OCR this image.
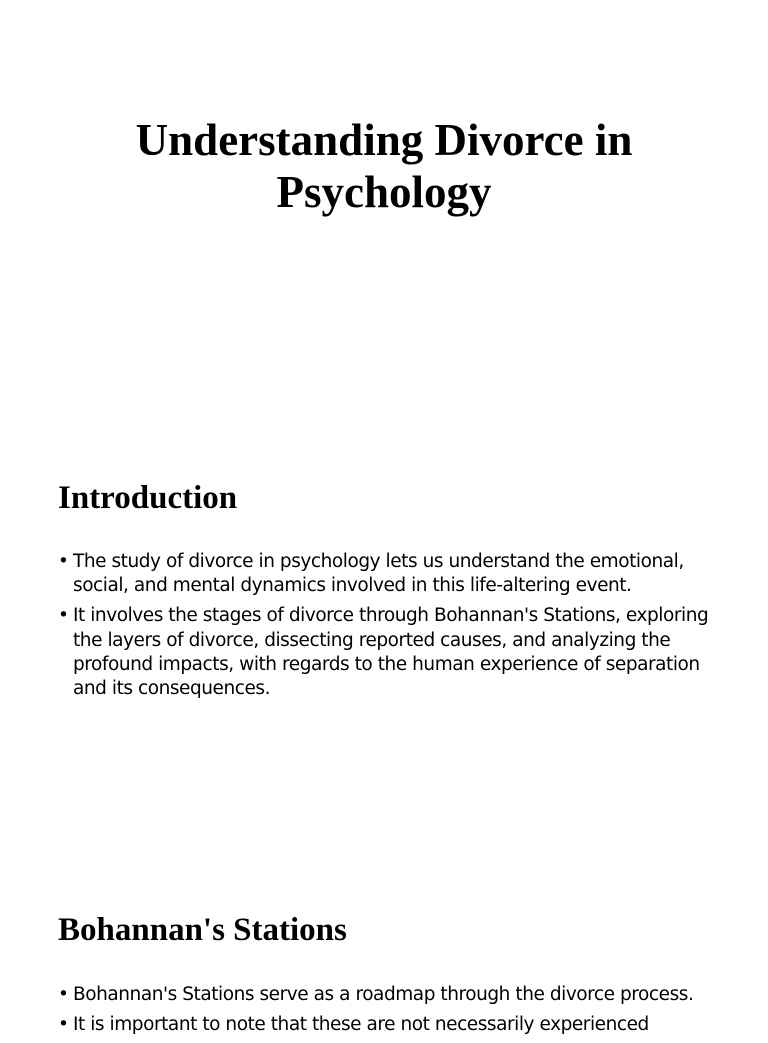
Understanding Divorce in
Psychology
Introduction
• The study of divorce in psychology lets us understand the emotional, social, and mental dynamics involved in this life-altering event.
• It involves the stages of divorce through Bohannan's Stations, exploring the layers of divorce, dissecting reported causes, and analyzing the profound impacts, with regards to the human experience of separation and its consequences.
Bohannan's Stations
• Bohannan's Stations serve as a roadmap through the divorce process.
• It is important to note that these are not necessarily experienced
